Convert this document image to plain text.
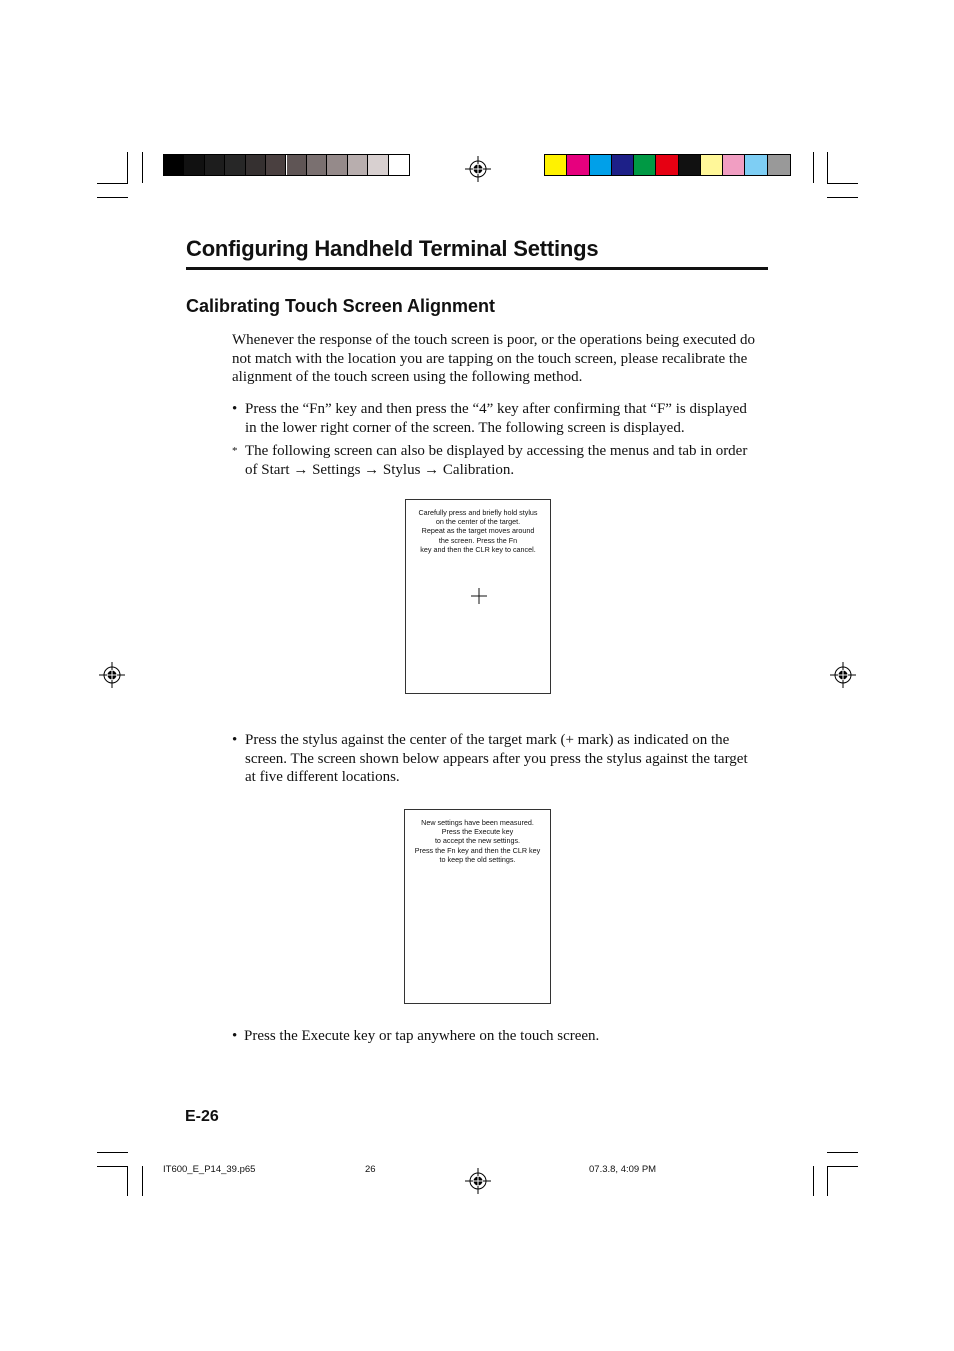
Configuring Handheld Terminal Settings
Calibrating Touch Screen Alignment

Whenever the response of the touch screen is poor, or the operations being executed do not match with the location you are tapping on the touch screen, please recalibrate the alignment of the touch screen using the following method.

• Press the “Fn” key and then press the “4” key after confirming that “F” is displayed in the lower right corner of the screen. The following screen is displayed.
* The following screen can also be displayed by accessing the menus and tab in order of Start → Settings → Stylus → Calibration.
Carefully press and briefly hold stylus
on the center of the target.
Repeat as the target moves around
the screen. Press the Fn
key and then the CLR key to cancel.
• Press the stylus against the center of the target mark (+ mark) as indicated on the screen. The screen shown below appears after you press the stylus against the target at five different locations.
New settings have been measured.
Press the Execute key
to accept the new settings.
Press the Fn key and then the CLR key
to keep the old settings.
• Press the Execute key or tap anywhere on the touch screen.
E-26
IT600_E_P14_39.p65	26	07.3.8, 4:09 PM
